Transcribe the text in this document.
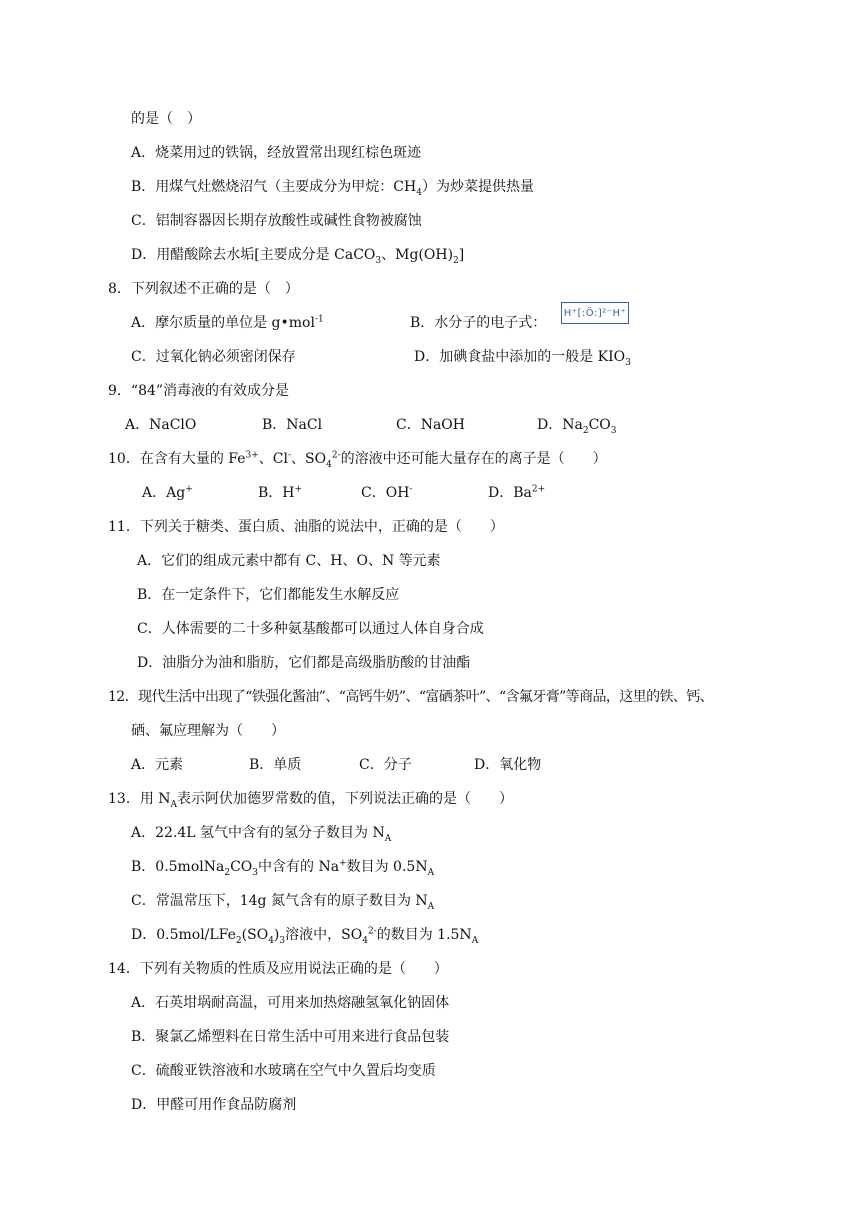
的是（　）
A．烧菜用过的铁锅，经放置常出现红棕色斑迹
B．用煤气灶燃烧沼气（主要成分为甲烷：$CH_4$）为炒菜提供热量
C．铝制容器因长期存放酸性或碱性食物被腐蚀
D．用醋酸除去水垢[主要成分是 CaCO$_3$、$Mg(OH)_2$]
8．下列叙述不正确的是（　）
A．摩尔质量的单位是 g•mol$^{-1}$	B．水分子的电子式：
H⁺[:Ö:]²⁻H⁺
C．过氧化钠必须密闭保存	D．加碘食盐中添加的一般是 $KIO_3$
9．“84”消毒液的有效成分是
A．NaClO	B．NaCl	C．NaOH	D．$Na_2CO_3$
10．在含有大量的 $Fe^{3+}$、Cl-、$SO_4^{2-}$的溶液中还可能大量存在的离子是（　　）
A．Ag+	B．H+	C．OH-	D．$Ba^{2+}$
11．下列关于糖类、蛋白质、油脂的说法中，正确的是（　　）
A．它们的组成元素中都有 C、H、O、N 等元素
B．在一定条件下，它们都能发生水解反应
C．人体需要的二十多种氨基酸都可以通过人体自身合成
D．油脂分为油和脂肪，它们都是高级脂肪酸的甘油酯
12．现代生活中出现了“铁强化酱油”、“高钙牛奶”、“富硒茶叶”、“含氟牙膏”等商品，这里的铁、钙、
硒、氟应理解为（　　）
A．元素	B．单质	C．分子	D．氧化物
13．用 $N_A$表示阿伏加德罗常数的值，下列说法正确的是（　　）
A．22.4L 氢气中含有的氢分子数目为 $N_A$
B．$0.5molNa_2CO_3$中含有的 Na+数目为 $0.5N_A$
C．常温常压下，14g 氮气含有的原子数目为 $N_A$
D．$0.5mol/LFe_2(SO_4)_3$溶液中，$SO_4^{2-}$的数目为 $1.5N_A$
14．下列有关物质的性质及应用说法正确的是（　　）
A．石英坩埚耐高温，可用来加热熔融氢氧化钠固体
B．聚氯乙烯塑料在日常生活中可用来进行食品包装
C．硫酸亚铁溶液和水玻璃在空气中久置后均变质
D．甲醛可用作食品防腐剂
